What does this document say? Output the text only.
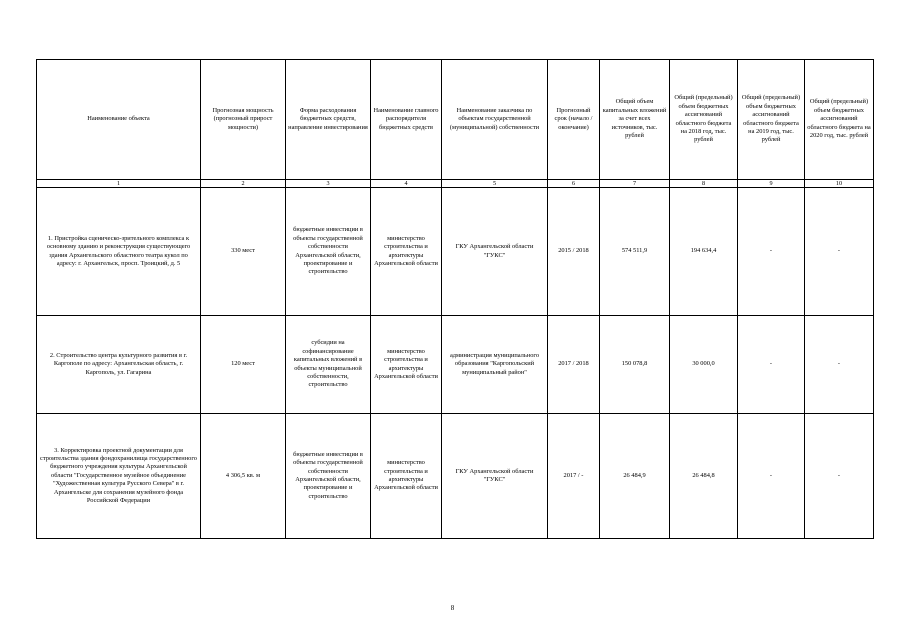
Наименование объекта	Прогнозная мощность (прогнозный прирост мощности)	Форма расходования бюджетных средств, направление инвестирования	Наименование главного распорядителя бюджетных средств	Наименование заказчика по объектам государственной (муниципальной) собственности	Прогнозный срок (начало / окончание)	Общий объем капитальных вложений за счет всех источников, тыс. рублей	Общий (предельный) объем бюджетных ассигнований областного бюджета на 2018 год, тыс. рублей	Общий (предельный) объем бюджетных ассигнований областного бюджета на 2019 год, тыс. рублей	Общий (предельный) объем бюджетных ассигнований областного бюджета на 2020 год, тыс. рублей
1	2	3	4	5	6	7	8	9	10
1. Пристройка сценическо-зрительного комплекса к основному зданию и реконструкция существующего здания Архангельского областного театра кукол по адресу: г. Архангельск, просп. Троицкий, д. 5	330 мест	бюджетные инвестиции в объекты государственной собственности Архангельской области, проектирование и строительство	министерство строительства и архитектуры Архангельской области	ГКУ Архангельской области "ГУКС"	2015 / 2018	574 511,9	194 634,4	-	-
2. Строительство центра культурного развития в г. Каргополе по адресу: Архангельская область, г. Каргополь, ул. Гагарина	120 мест	субсидии на софинансирование капитальных вложений в объекты муниципальной собственности, строительство	министерство строительства и архитектуры Архангельской области	администрация муниципального образования "Каргопольский муниципальный район"	2017 / 2018	150 078,8	30 000,0	-	-
3. Корректировка проектной документации для строительства здания фондохранилища государственного бюджетного учреждения культуры Архангельской области "Государственное музейное объединение "Художественная культура Русского Севера" в г. Архангельске для сохранения музейного фонда Российской Федерации	4 306,5 кв. м	бюджетные инвестиции в объекты государственной собственности Архангельской области, проектирование и строительство	министерство строительства и архитектуры Архангельской области	ГКУ Архангельской области "ГУКС"	2017 / -	26 484,9	26 484,8	-	-
8
